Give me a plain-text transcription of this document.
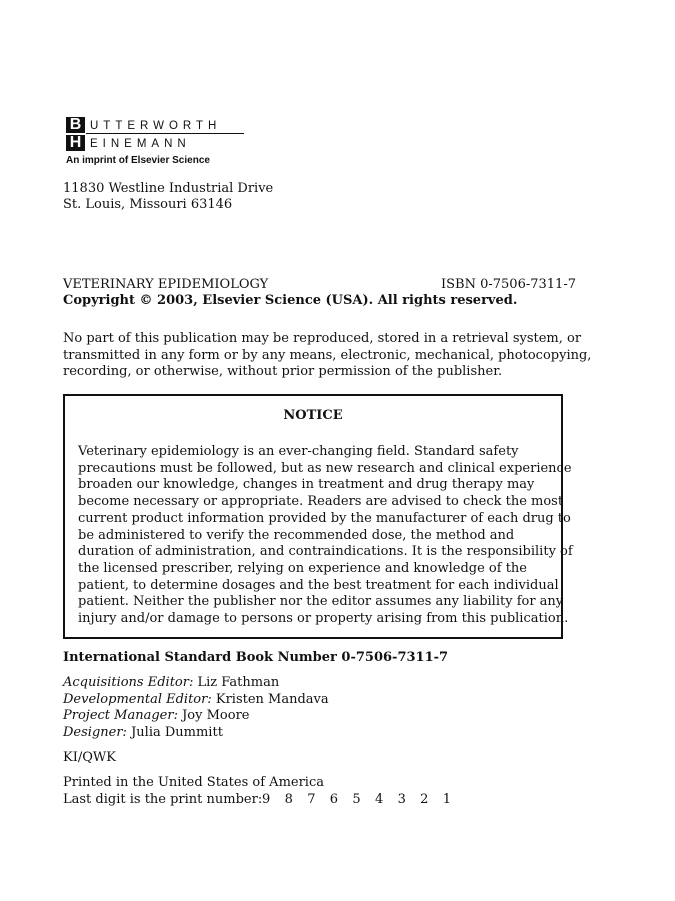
B UTTERWORTH
H EINEMANN
An imprint of Elsevier Science
11830 Westline Industrial Drive
St. Louis, Missouri 63146
VETERINARY EPIDEMIOLOGY	ISBN 0-7506-7311-7
Copyright © 2003, Elsevier Science (USA). All rights reserved.
No part of this publication may be reproduced, stored in a retrieval system, or
transmitted in any form or by any means, electronic, mechanical, photocopying,
recording, or otherwise, without prior permission of the publisher.
NOTICE
Veterinary epidemiology is an ever-changing field. Standard safety
precautions must be followed, but as new research and clinical experience
broaden our knowledge, changes in treatment and drug therapy may
become necessary or appropriate. Readers are advised to check the most
current product information provided by the manufacturer of each drug to
be administered to verify the recommended dose, the method and
duration of administration, and contraindications. It is the responsibility of
the licensed prescriber, relying on experience and knowledge of the
patient, to determine dosages and the best treatment for each individual
patient. Neither the publisher nor the editor assumes any liability for any
injury and/or damage to persons or property arising from this publication.
International Standard Book Number 0-7506-7311-7
Acquisitions Editor: Liz Fathman
Developmental Editor: Kristen Mandava
Project Manager: Joy Moore
Designer: Julia Dummitt
KI/QWK
Printed in the United States of America
Last digit is the print number: 9 8 7 6 5 4 3 2 1
